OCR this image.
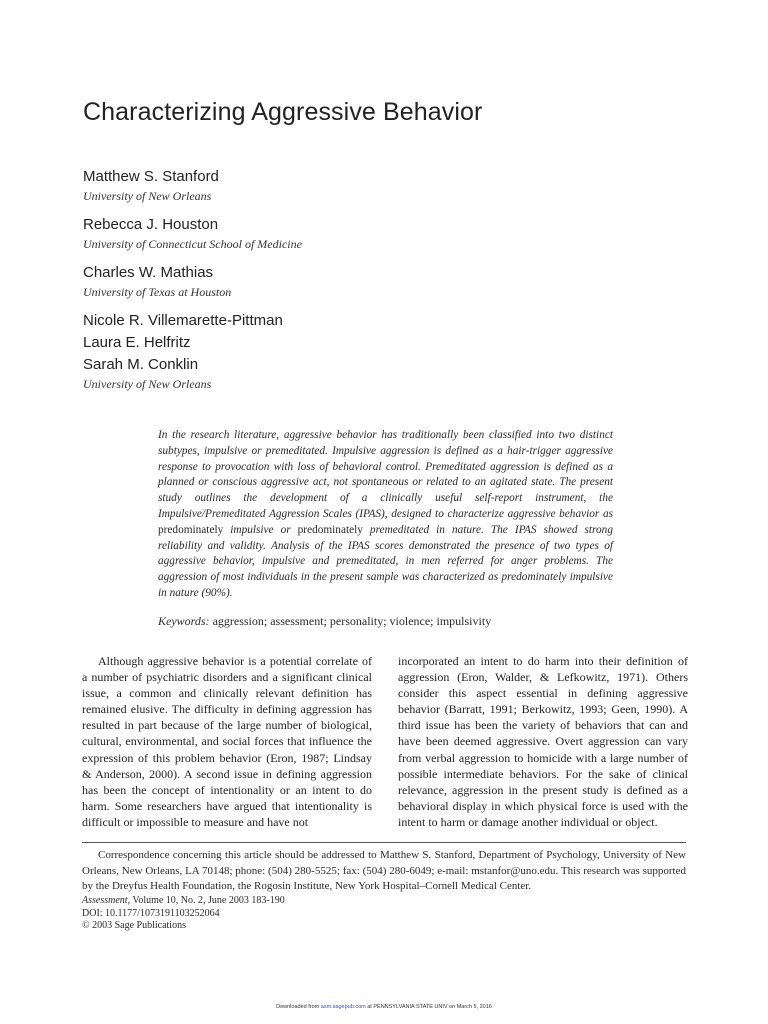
Characterizing Aggressive Behavior
Matthew S. Stanford
University of New Orleans
Rebecca J. Houston
University of Connecticut School of Medicine
Charles W. Mathias
University of Texas at Houston
Nicole R. Villemarette-Pittman
Laura E. Helfritz
Sarah M. Conklin
University of New Orleans

In the research literature, aggressive behavior has traditionally been classified into two distinct subtypes, impulsive or premeditated. Impulsive aggression is defined as a hair-trigger aggressive response to provocation with loss of behavioral control. Premeditated aggression is defined as a planned or conscious aggressive act, not spontaneous or related to an agitated state. The present study outlines the development of a clinically useful self-report instrument, the Impulsive/Premeditated Aggression Scales (IPAS), designed to characterize aggressive behavior as predominately impulsive or predominately premeditated in nature. The IPAS showed strong reliability and validity. Analysis of the IPAS scores demonstrated the presence of two types of aggressive behavior, impulsive and premeditated, in men referred for anger problems. The aggression of most individuals in the present sample was characterized as predominately impulsive in nature (90%).

Keywords: aggression; assessment; personality; violence; impulsivity

Although aggressive behavior is a potential correlate of a number of psychiatric disorders and a significant clinical issue, a common and clinically relevant definition has remained elusive. The difficulty in defining aggression has resulted in part because of the large number of biological, cultural, environmental, and social forces that influence the expression of this problem behavior (Eron, 1987; Lindsay & Anderson, 2000). A second issue in defining aggression has been the concept of intentionality or an intent to do harm. Some researchers have argued that intentionality is difficult or impossible to measure and have not

incorporated an intent to do harm into their definition of aggression (Eron, Walder, & Lefkowitz, 1971). Others consider this aspect essential in defining aggressive behavior (Barratt, 1991; Berkowitz, 1993; Geen, 1990). A third issue has been the variety of behaviors that can and have been deemed aggressive. Overt aggression can vary from verbal aggression to homicide with a large number of possible intermediate behaviors. For the sake of clinical relevance, aggression in the present study is defined as a behavioral display in which physical force is used with the intent to harm or damage another individual or object.

Correspondence concerning this article should be addressed to Matthew S. Stanford, Department of Psychology, University of New Orleans, New Orleans, LA 70148; phone: (504) 280-5525; fax: (504) 280-6049; e-mail: mstanfor@uno.edu. This research was supported by the Dreyfus Health Foundation, the Rogosin Institute, New York Hospital–Cornell Medical Center.

Assessment, Volume 10, No. 2, June 2003 183-190
DOI: 10.1177/1073191103252064
© 2003 Sage Publications
Downloaded from asm.sagepub.com at PENNSYLVANIA STATE UNIV on March 5, 2016
